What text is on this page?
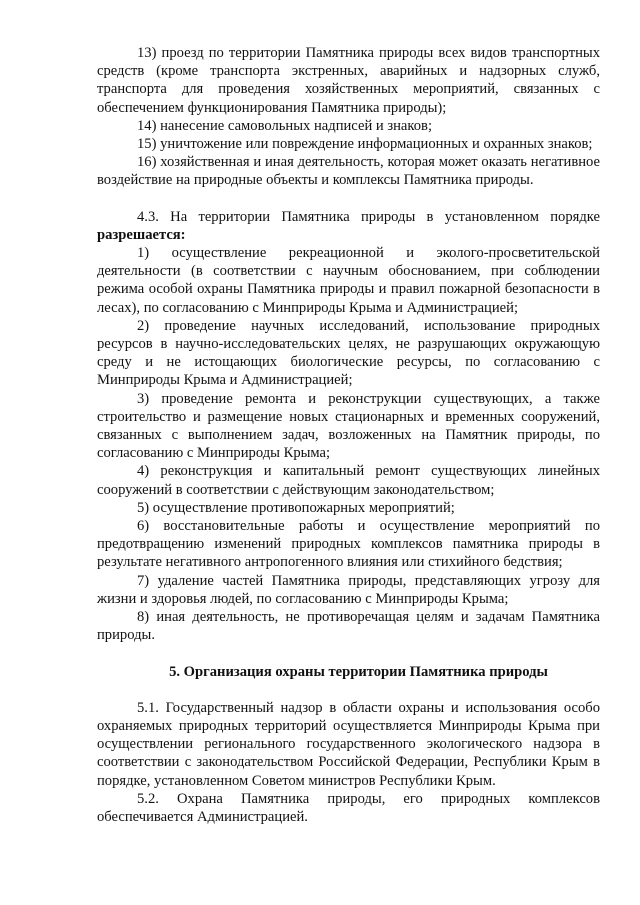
13) проезд по территории Памятника природы всех видов транспортных средств (кроме транспорта экстренных, аварийных и надзорных служб, транспорта для проведения хозяйственных мероприятий, связанных с обеспечением функционирования Памятника природы);

14) нанесение самовольных надписей и знаков;

15) уничтожение или повреждение информационных и охранных знаков;

16) хозяйственная и иная деятельность, которая может оказать негативное воздействие на природные объекты и комплексы Памятника природы.

4.3. На территории Памятника природы в установленном порядке разрешается:

1) осуществление рекреационной и эколого-просветительской деятельности (в соответствии с научным обоснованием, при соблюдении режима особой охраны Памятника природы и правил пожарной безопасности в лесах), по согласованию с Минприроды Крыма и Администрацией;

2) проведение научных исследований, использование природных ресурсов в научно-исследовательских целях, не разрушающих окружающую среду и не истощающих биологические ресурсы, по согласованию с Минприроды Крыма и Администрацией;

3) проведение ремонта и реконструкции существующих, а также строительство и размещение новых стационарных и временных сооружений, связанных с выполнением задач, возложенных на Памятник природы, по согласованию с Минприроды Крыма;

4) реконструкция и капитальный ремонт существующих линейных сооружений в соответствии с действующим законодательством;

5) осуществление противопожарных мероприятий;

6) восстановительные работы и осуществление мероприятий по предотвращению изменений природных комплексов памятника природы в результате негативного антропогенного влияния или стихийного бедствия;

7) удаление частей Памятника природы, представляющих угрозу для жизни и здоровья людей, по согласованию с Минприроды Крыма;

8) иная деятельность, не противоречащая целям и задачам Памятника природы.

5. Организация охраны территории Памятника природы

5.1. Государственный надзор в области охраны и использования особо охраняемых природных территорий осуществляется Минприроды Крыма при осуществлении регионального государственного экологического надзора в соответствии с законодательством Российской Федерации, Республики Крым в порядке, установленном Советом министров Республики Крым.

5.2. Охрана Памятника природы, его природных комплексов обеспечивается Администрацией.
